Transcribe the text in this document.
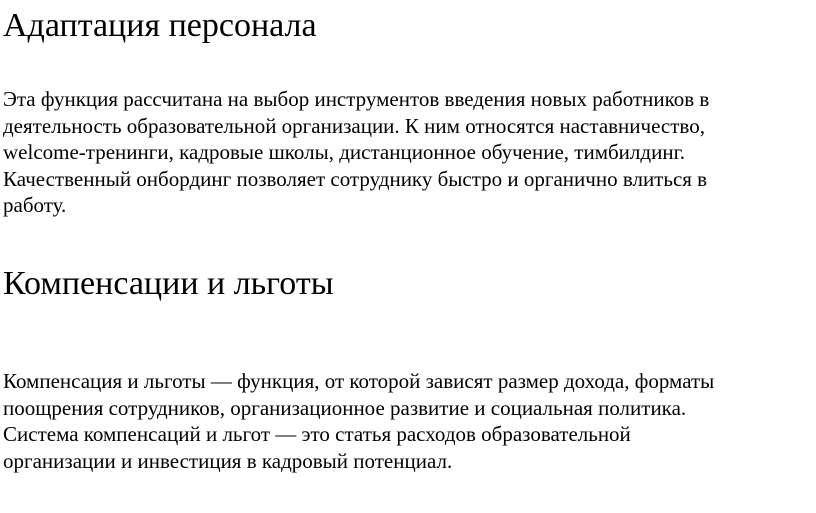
Адаптация персонала

Эта функция рассчитана на выбор инструментов введения новых работников в
деятельность образовательной организации. К ним относятся наставничество,
welcome-тренинги, кадровые школы, дистанционное обучение, тимбилдинг.
Качественный онбординг позволяет сотруднику быстро и органично влиться в
работу.

Компенсации и льготы

Компенсация и льготы — функция, от которой зависят размер дохода, форматы
поощрения сотрудников, организационное развитие и социальная политика.
Система компенсаций и льгот — это статья расходов образовательной
организации и инвестиция в кадровый потенциал.
